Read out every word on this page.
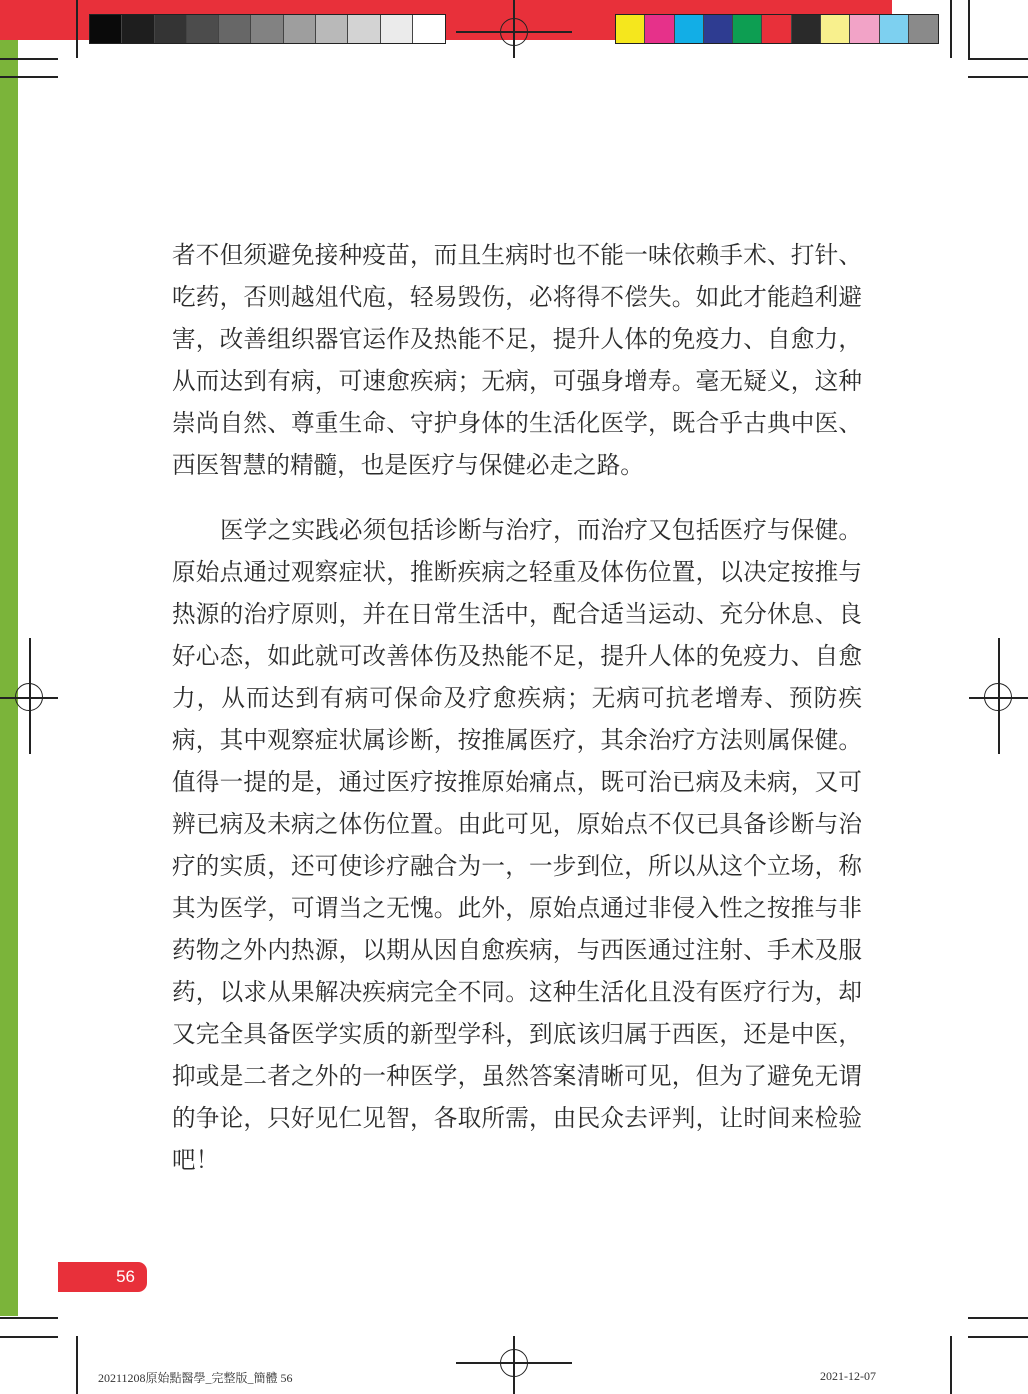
者不但须避免接种疫苗，而且生病时也不能一味依赖手术、打针、吃药，否则越俎代庖，轻易毁伤，必将得不偿失。如此才能趋利避害，改善组织器官运作及热能不足，提升人体的免疫力、自愈力，从而达到有病，可速愈疾病；无病，可强身增寿。毫无疑义，这种崇尚自然、尊重生命、守护身体的生活化医学，既合乎古典中医、西医智慧的精髓，也是医疗与保健必走之路。

医学之实践必须包括诊断与治疗，而治疗又包括医疗与保健。原始点通过观察症状，推断疾病之轻重及体伤位置，以决定按推与热源的治疗原则，并在日常生活中，配合适当运动、充分休息、良好心态，如此就可改善体伤及热能不足，提升人体的免疫力、自愈力，从而达到有病可保命及疗愈疾病；无病可抗老增寿、预防疾病，其中观察症状属诊断，按推属医疗，其余治疗方法则属保健。值得一提的是，通过医疗按推原始痛点，既可治已病及未病，又可辨已病及未病之体伤位置。由此可见，原始点不仅已具备诊断与治疗的实质，还可使诊疗融合为一，一步到位，所以从这个立场，称其为医学，可谓当之无愧。此外，原始点通过非侵入性之按推与非药物之外内热源，以期从因自愈疾病，与西医通过注射、手术及服药，以求从果解决疾病完全不同。这种生活化且没有医疗行为，却又完全具备医学实质的新型学科，到底该归属于西医，还是中医，抑或是二者之外的一种医学，虽然答案清晰可见，但为了避免无谓的争论，只好见仁见智，各取所需，由民众去评判，让时间来检验吧！

56
20211208原始點醫學_完整版_簡體 56	2021-12-07
